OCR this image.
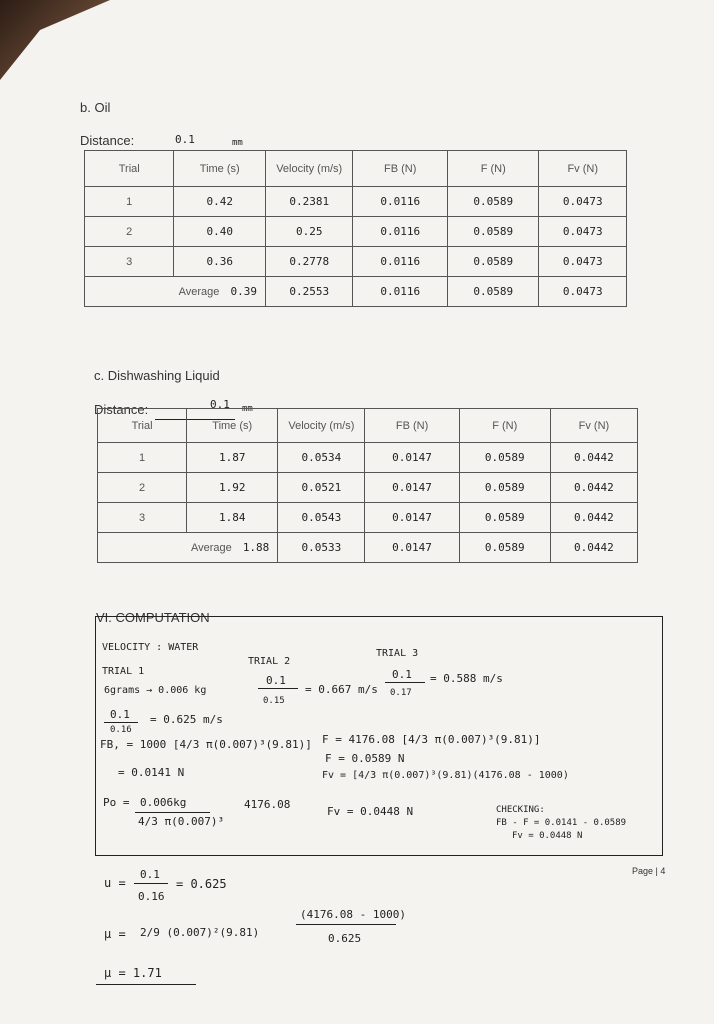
b. Oil
Distance:	0.1	mm
Trial	Time (s)	Velocity (m/s)	FB (N)	F (N)	Fv (N)
1	0.42	0.2381	0.0116	0.0589	0.0473
2	0.40	0.25	0.0116	0.0589	0.0473
3	0.36	0.2778	0.0116	0.0589	0.0473
Average 0.39		0.2553	0.0116	0.0589	0.0473
c. Dishwashing Liquid
Distance:	0.1 mm
Trial	Time (s)	Velocity (m/s)	FB (N)	F (N)	Fv (N)
1	1.87	0.0534	0.0147	0.0589	0.0442
2	1.92	0.0521	0.0147	0.0589	0.0442
3	1.84	0.0543	0.0147	0.0589	0.0442
Average 1.88		0.0533	0.0147	0.0589	0.0442
VI. COMPUTATION
VELOCITY : WATER
TRIAL 1
TRIAL 2
TRIAL 3
6grams → 0.006 kg
0.1
0.16
= 0.625 m/s
FB, = 1000 [4/3 π(0.007)³(9.81)]
= 0.0141 N
Po = 0.006kg
4/3 π(0.007)³
4176.08
0.1
0.15
= 0.667 m/s
0.1
0.17
= 0.588 m/s
F = 4176.08 [4/3 π(0.007)³(9.81)]
F = 0.0589 N
Fv = [4/3 π(0.007)³(9.81)(4176.08 - 1000)
Fv = 0.0448 N	CHECKING:
FB - F = 0.0141 - 0.0589
Fv = 0.0448 N
u =
0.1
0.16
= 0.625
μ = 2/9 (0.007)²(9.81)
(4176.08 - 1000)
0.625
μ = 1.71
Page | 4
